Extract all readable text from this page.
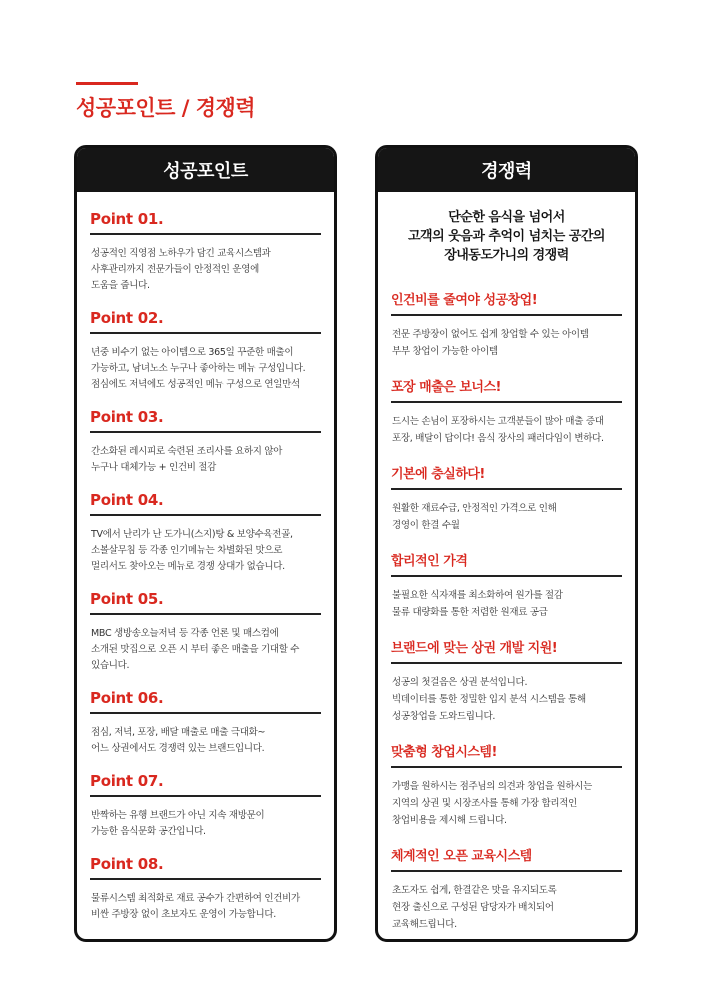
성공포인트 / 경쟁력
성공포인트
Point 01.
성공적인 직영점 노하우가 담긴 교육시스템과
사후관리까지 전문가들이 안정적인 운영에
도움을 줍니다.
Point 02.
년중 비수기 없는 아이템으로 365일 꾸준한 매출이
가능하고, 남녀노소 누구나 좋아하는 메뉴 구성입니다.
점심에도 저녁에도 성공적인 메뉴 구성으로 연일만석
Point 03.
간소화된 레시피로 숙련된 조리사를 요하지 않아
누구나 대체가능 + 인건비 절감
Point 04.
TV에서 난리가 난 도가니(스지)탕 & 보양수육전골,
소볼살무침 등 각종 인기메뉴는 차별화된 맛으로
멀리서도 찾아오는 메뉴로 경쟁 상대가 없습니다.
Point 05.
MBC 생방송오늘저녁 등 각종 언론 및 매스컴에
소개된 맛집으로 오픈 시 부터 좋은 매출을 기대할 수
있습니다.
Point 06.
점심, 저녁, 포장, 배달 매출로 매출 극대화~
어느 상권에서도 경쟁력 있는 브랜드입니다.
Point 07.
반짝하는 유행 브랜드가 아닌 지속 재방문이
가능한 음식문화 공간입니다.
Point 08.
물류시스템 최적화로 재료 공수가 간편하여 인건비가
비싼 주방장 없이 초보자도 운영이 가능합니다.
경쟁력
단순한 음식을 넘어서
고객의 웃음과 추억이 넘치는 공간의
장내동도가니의 경쟁력
인건비를 줄여야 성공창업!
전문 주방장이 없어도 쉽게 창업할 수 있는 아이템
부부 창업이 가능한 아이템
포장 매출은 보너스!
드시는 손님이 포장하시는 고객분들이 많아 매출 증대
포장, 배달이 답이다! 음식 장사의 패러다임이 변하다.
기본에 충실하다!
원활한 재료수급, 안정적인 가격으로 인해
경영이 한결 수월
합리적인 가격
불필요한 식자재를 최소화하여 원가를 절감
물류 대량화를 통한 저렴한 원재료 공급
브랜드에 맞는 상권 개발 지원!
성공의 첫걸음은 상권 분석입니다.
빅데이터를 통한 정밀한 입지 분석 시스템을 통해
성공창업을 도와드립니다.
맞춤형 창업시스템!
가맹을 원하시는 점주님의 의견과 창업을 원하시는
지역의 상권 및 시장조사를 통해 가장 합리적인
창업비용을 제시해 드립니다.
체계적인 오픈 교육시스템
초도자도 쉽게, 한결같은 맛을 유지되도록
현장 출신으로 구성된 담당자가 배치되어
교육해드립니다.
